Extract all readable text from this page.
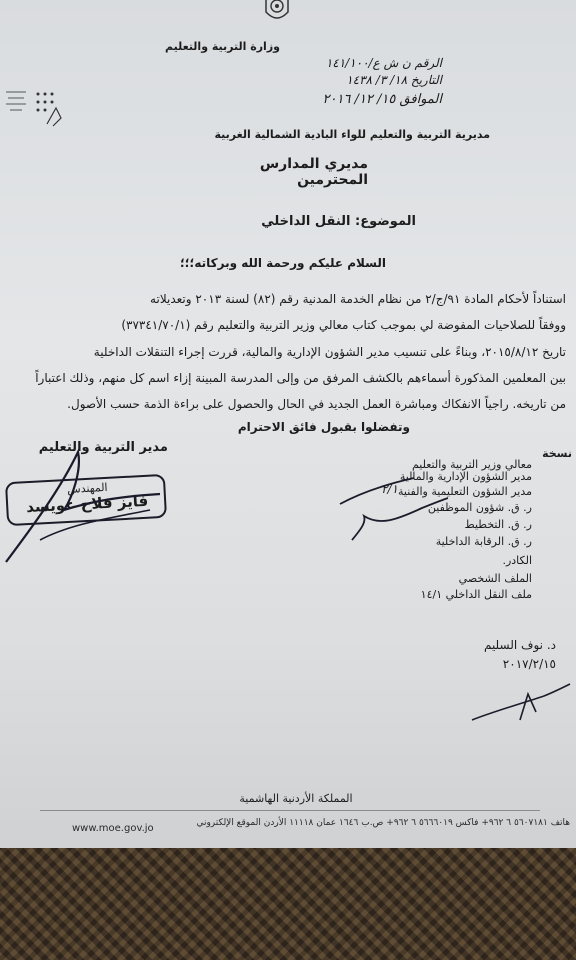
وزارة التربية والتعليم
الرقم ن ش ع/١٤١/١٠٠
التاريخ ١٨/ ٣/ ١٤٣٨
الموافق ١٥/ ١٢/ ٢٠١٦
مديرية التربية والتعليم للواء البادية الشمالية الغربية
مديري المدارس المحترمين
الموضوع: النقل الداخلي
السلام عليكم ورحمة الله وبركاته؛؛؛
استناداً لأحكام المادة ٩١/ج/٢ من نظام الخدمة المدنية رقم (٨٢) لسنة ٢٠١٣ وتعديلاته
ووفقاً للصلاحيات المفوضة لي بموجب كتاب معالي وزير التربية والتعليم رقم (٣٧٣٤١/٧٠/١)
تاريخ ٢٠١٥/٨/١٢، وبناءً على تنسيب مدير الشؤون الإدارية والمالية، قررت إجراء التنقلات الداخلية
بين المعلمين المذكورة أسماءهم بالكشف المرفق من وإلى المدرسة المبينة إزاء اسم كل منهم، وذلك اعتباراً
من تاريخه. راجياً الانفكاك ومباشرة العمل الجديد في الحال والحصول على براءة الذمة حسب الأصول.
وتفضلوا بقبول فائق الاحترام
مدير التربية والتعليم
المهندس
فايز فلاح عويسد
نسخة
معالي وزير التربية والتعليم
مدير الشؤون الإدارية والمالية
مدير الشؤون التعليمية والفنية
ر. ق. شؤون الموظفين
ر. ق. التخطيط
ر. ق. الرقابة الداخلية
الكادر.
الملف الشخصي
ملف النقل الداخلي ١٤/١
٢/١
د. نوف السليم
٢٠١٧/٢/١٥
المملكة الأردنية الهاشمية
هاتف ٥٦٠٧١٨١ ٦ ٩٦٢+ فاكس ٥٦٦٦٠١٩ ٦ ٩٦٢+ ص.ب ١٦٤٦ عمان ١١١١٨ الأردن الموقع الإلكتروني
www.moe.gov.jo
